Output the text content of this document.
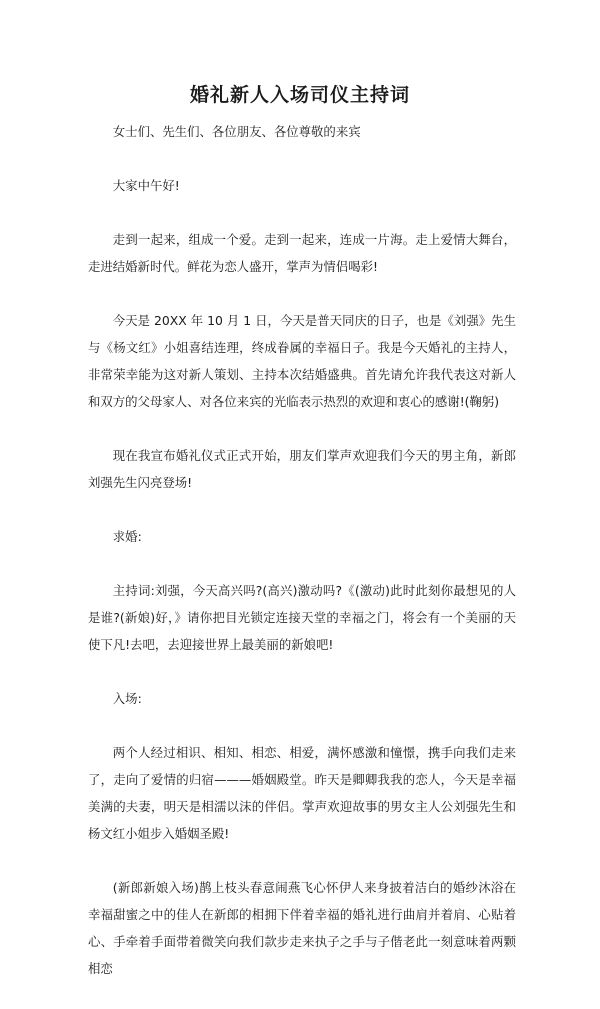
婚礼新人入场司仪主持词

女士们、先生们、各位朋友、各位尊敬的来宾

大家中午好!

走到一起来，组成一个爱。走到一起来，连成一片海。走上爱情大舞台，走进结婚新时代。鲜花为恋人盛开，掌声为情侣喝彩!

今天是 20XX 年 10 月 1 日，今天是普天同庆的日子，也是《刘强》先生与《杨文红》小姐喜结连理，终成眷属的幸福日子。我是今天婚礼的主持人，非常荣幸能为这对新人策划、主持本次结婚盛典。首先请允许我代表这对新人和双方的父母家人、对各位来宾的光临表示热烈的欢迎和衷心的感谢!(鞠躬)

现在我宣布婚礼仪式正式开始，朋友们掌声欢迎我们今天的男主角，新郎刘强先生闪亮登场!

求婚:

主持词:刘强，今天高兴吗?(高兴)激动吗?《(激动)此时此刻你最想见的人是谁?(新娘)好，》请你把目光锁定连接天堂的幸福之门，将会有一个美丽的天使下凡!去吧，去迎接世界上最美丽的新娘吧!

入场:

两个人经过相识、相知、相恋、相爱，满怀感激和憧憬，携手向我们走来了，走向了爱情的归宿———婚姻殿堂。昨天是卿卿我我的恋人，今天是幸福美满的夫妻，明天是相濡以沫的伴侣。掌声欢迎故事的男女主人公刘强先生和杨文红小姐步入婚姻圣殿!

(新郎新娘入场)鹊上枝头春意闹燕飞心怀伊人来身披着洁白的婚纱沐浴在幸福甜蜜之中的佳人在新郎的相拥下伴着幸福的婚礼进行曲肩并着肩、心贴着心、手牵着手面带着微笑向我们款步走来执子之手与子偕老此一刻意味着两颗相恋
